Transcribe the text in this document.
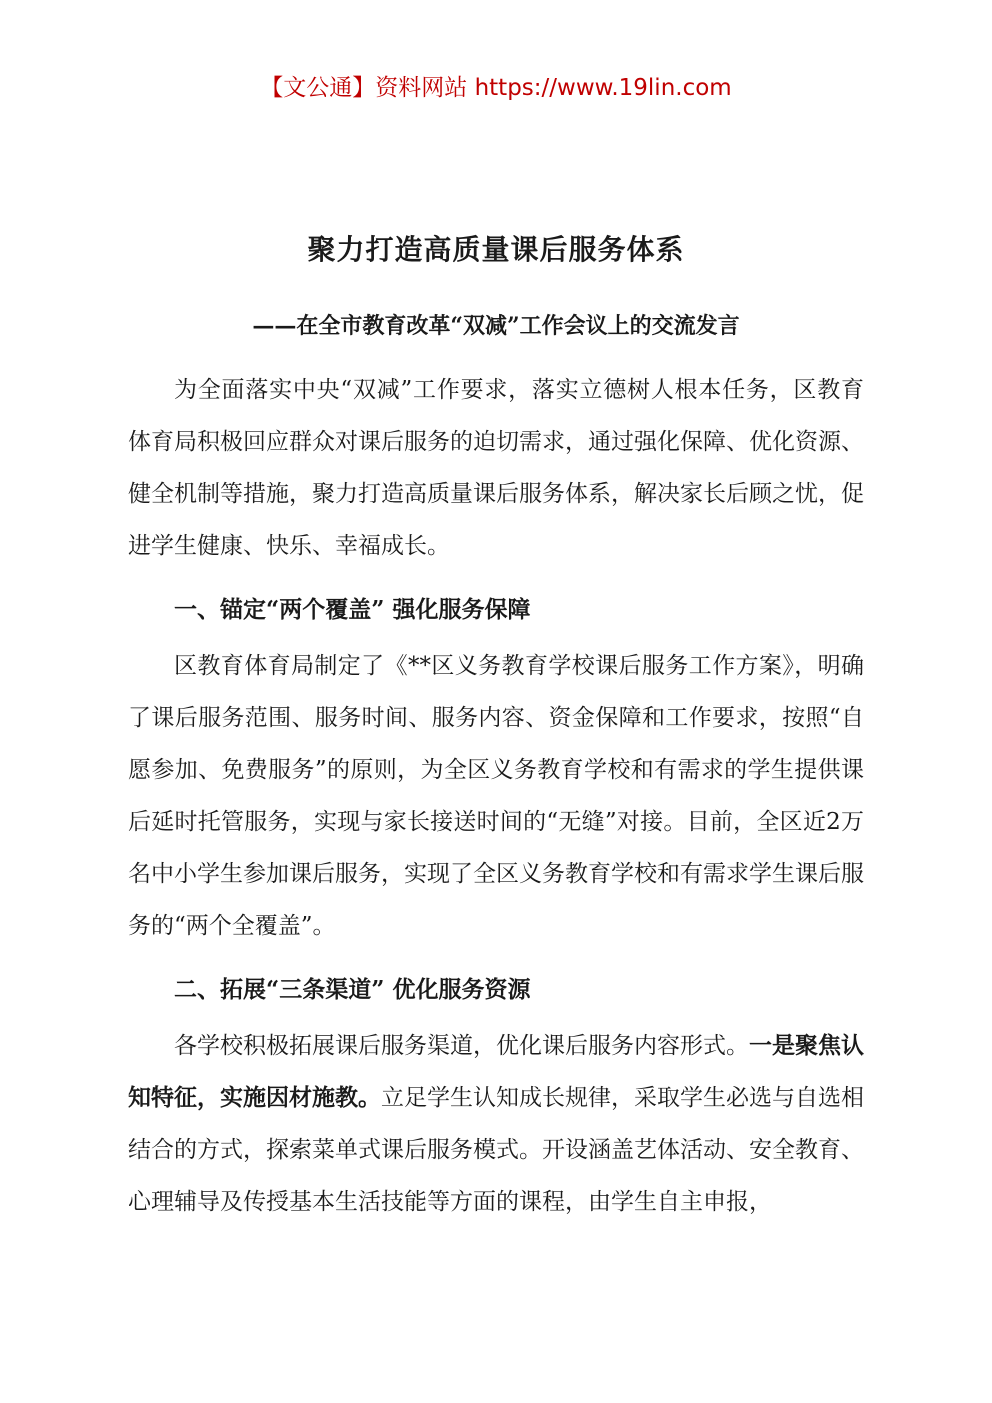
【文公通】资料网站 https://www.19lin.com
聚力打造高质量课后服务体系
——在全市教育改革“双减”工作会议上的交流发言

为全面落实中央“双减”工作要求，落实立德树人根本任务，区教育体育局积极回应群众对课后服务的迫切需求，通过强化保障、优化资源、健全机制等措施，聚力打造高质量课后服务体系，解决家长后顾之忧，促进学生健康、快乐、幸福成长。

一、锚定“两个覆盖” 强化服务保障

区教育体育局制定了《**区义务教育学校课后服务工作方案》，明确了课后服务范围、服务时间、服务内容、资金保障和工作要求，按照“自愿参加、免费服务”的原则，为全区义务教育学校和有需求的学生提供课后延时托管服务，实现与家长接送时间的“无缝”对接。目前，全区近2万名中小学生参加课后服务，实现了全区义务教育学校和有需求学生课后服务的“两个全覆盖”。

二、拓展“三条渠道” 优化服务资源

各学校积极拓展课后服务渠道，优化课后服务内容形式。一是聚焦认知特征，实施因材施教。立足学生认知成长规律，采取学生必选与自选相结合的方式，探索菜单式课后服务模式。开设涵盖艺体活动、安全教育、心理辅导及传授基本生活技能等方面的课程，由学生自主申报，
